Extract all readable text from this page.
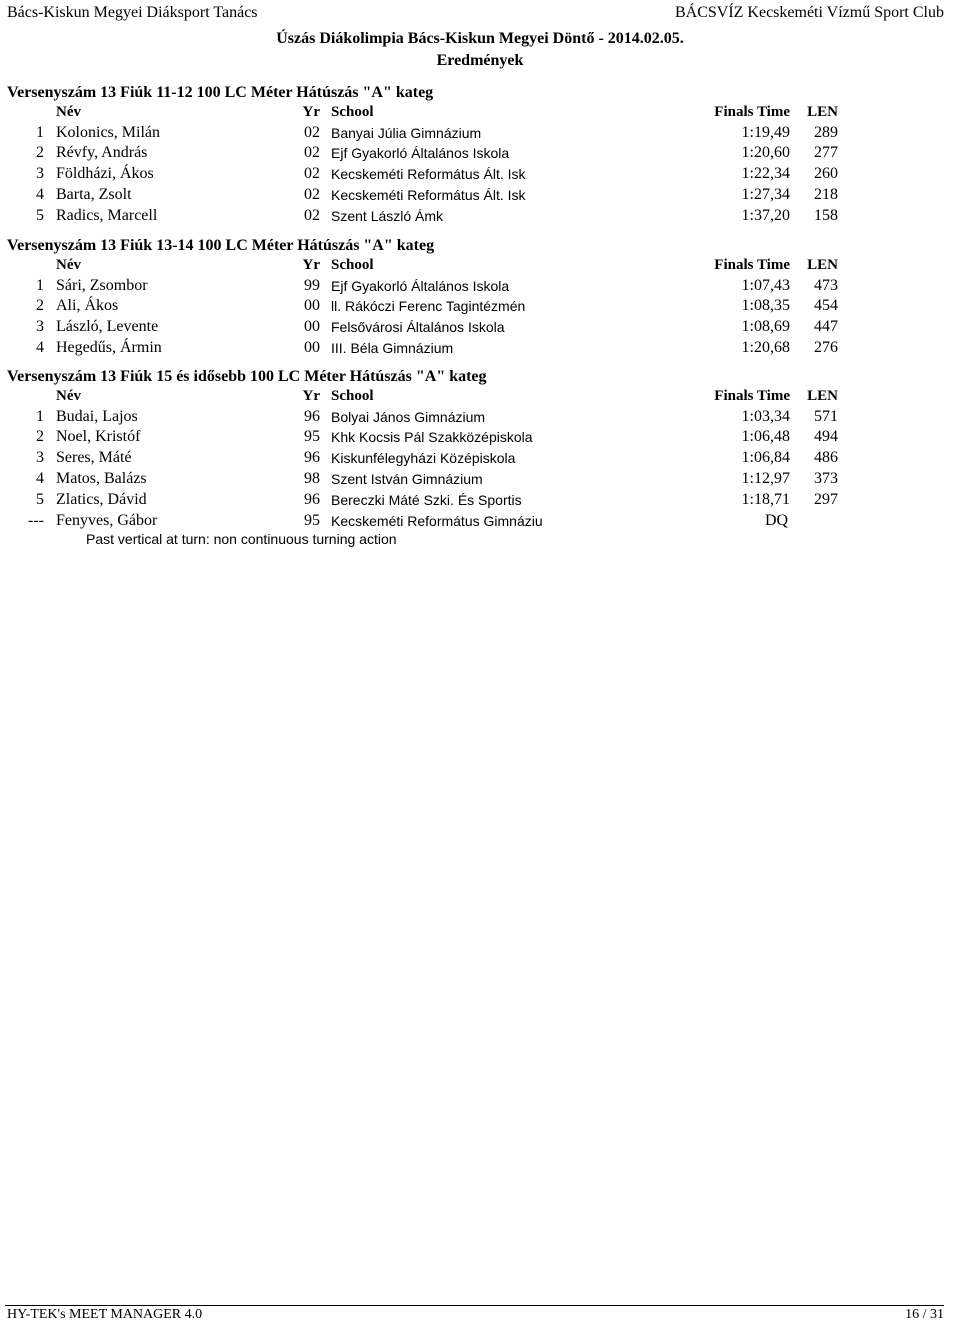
Bács-Kiskun Megyei Diáksport Tanács	BÁCSVÍZ Kecskeméti Vízmű Sport Club
Úszás Diákolimpia Bács-Kiskun Megyei Döntő - 2014.02.05.
Eredmények
Versenyszám 13 Fiúk 11-12 100 LC Méter Hátúszás "A" kateg
Név	Yr School	Finals Time LEN
1 Kolonics, Milán	02 Banyai Júlia Gimnázium	1:19,49 289
2 Révfy, András	02 Ejf Gyakorló Általános Iskola	1:20,60 277
3 Földházi, Ákos	02 Kecskeméti Református Ált. Isk	1:22,34 260
4 Barta, Zsolt	02 Kecskeméti Református Ált. Isk	1:27,34 218
5 Radics, Marcell	02 Szent László Ámk	1:37,20 158
Versenyszám 13 Fiúk 13-14 100 LC Méter Hátúszás "A" kateg
Név	Yr School	Finals Time LEN
1 Sári, Zsombor	99 Ejf Gyakorló Általános Iskola	1:07,43 473
2 Ali, Ákos	00 ll. Rákóczi Ferenc Tagintézmén	1:08,35 454
3 László, Levente	00 Felsővárosi Általános Iskola	1:08,69 447
4 Hegedűs, Ármin	00 III. Béla Gimnázium	1:20,68 276
Versenyszám 13 Fiúk 15 és idősebb 100 LC Méter Hátúszás "A" kateg
Név	Yr School	Finals Time LEN
1 Budai, Lajos	96 Bolyai János Gimnázium	1:03,34 571
2 Noel, Kristóf	95 Khk Kocsis Pál Szakközépiskola	1:06,48 494
3 Seres, Máté	96 Kiskunfélegyházi Középiskola	1:06,84 486
4 Matos, Balázs	98 Szent István Gimnázium	1:12,97 373
5 Zlatics, Dávid	96 Bereczki Máté Szki. És Sportis	1:18,71 297
--- Fenyves, Gábor	95 Kecskeméti Református Gimnáziu	DQ
Past vertical at turn: non continuous turning action
HY-TEK's MEET MANAGER 4.0	16 / 31
